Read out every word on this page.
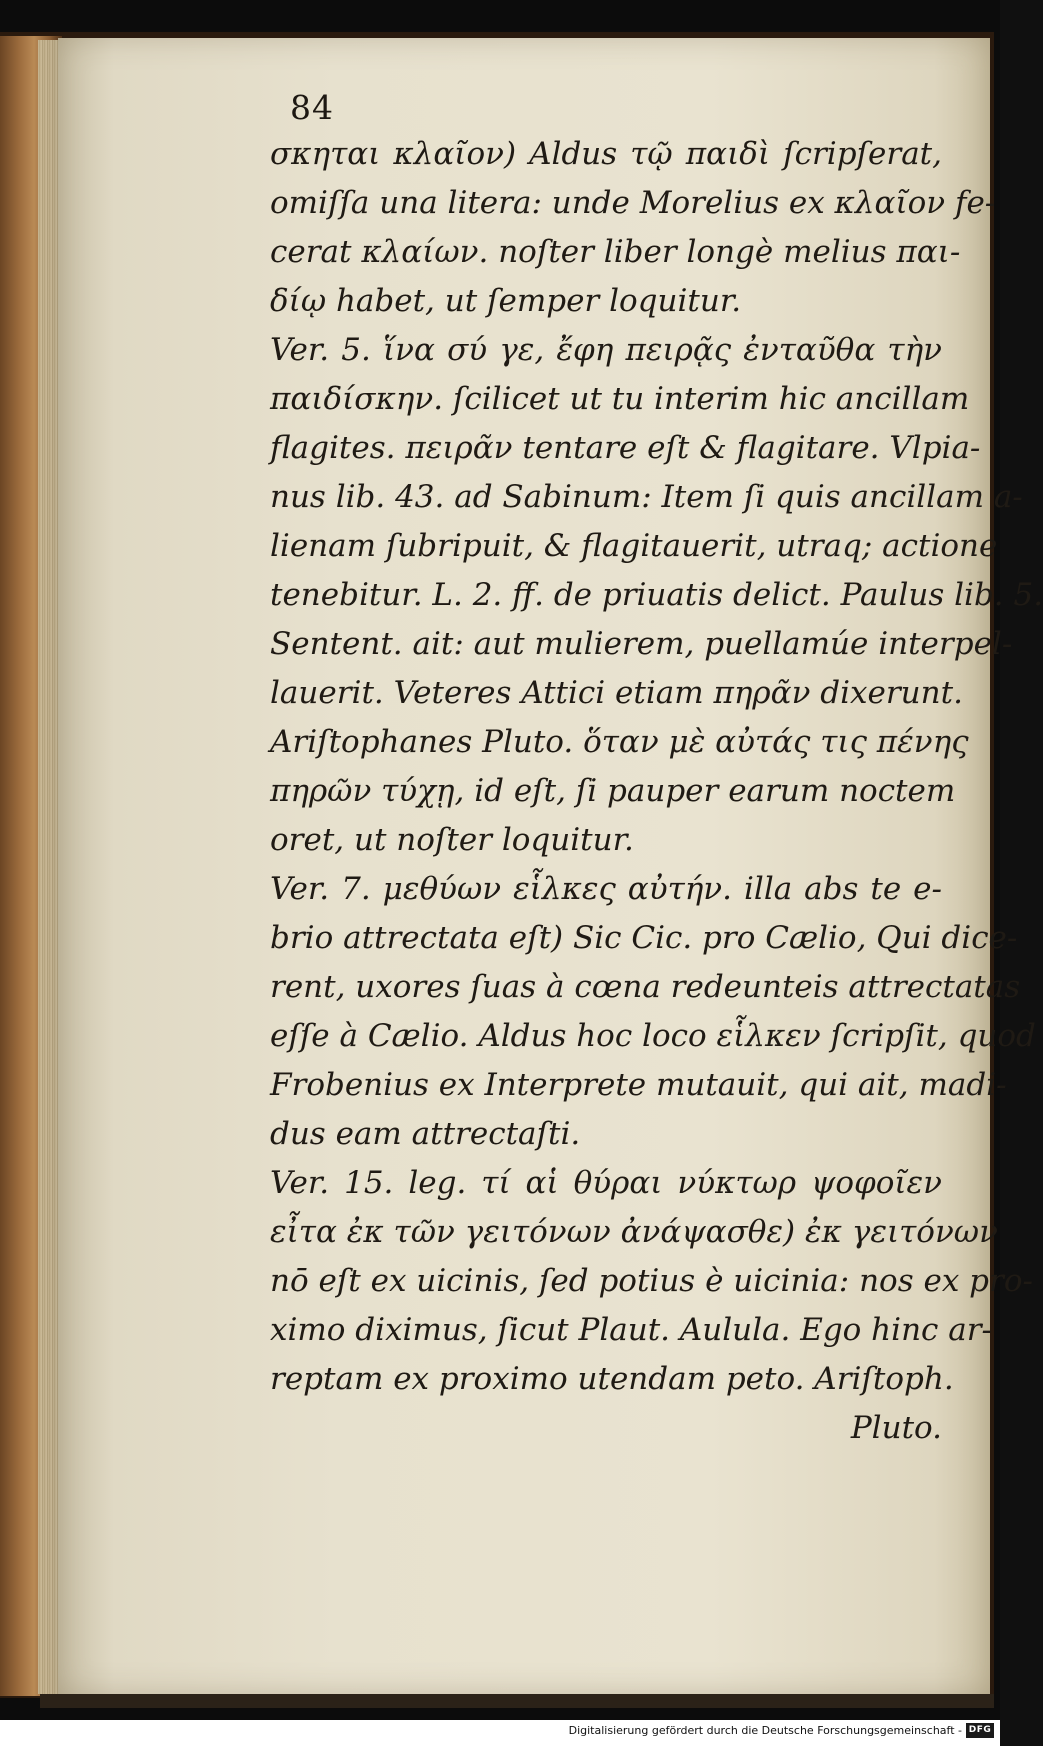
84
σκηται κλαῖον) Aldus τῷ παιδὶ ſcripſerat,
omiſſa una litera: unde Morelius ex κλαῖον fe-
cerat κλαίων. noſter liber longè melius παι-
δίῳ habet, ut ſemper loquitur.
Ver. 5. ἵνα σύ γε, ἔφη πειρᾷς ἐνταῦθα τὴν
παιδίσκην. ſcilicet ut tu interim hic ancillam
flagites. πειρᾶν tentare eſt & flagitare. Vlpia-
nus lib. 43. ad Sabinum: Item ſi quis ancillam a-
lienam ſubripuit, & flagitauerit, utraq; actione
tenebitur. L. 2. ff. de priuatis delict. Paulus lib. 5.
Sentent. ait: aut mulierem, puellamúe interpel-
lauerit. Veteres Attici etiam πηρᾶν dixerunt.
Ariſtophanes Pluto. ὅταν μὲ αὐτάς τις πένης
πηρῶν τύχῃ, id eſt, ſi pauper earum noctem
oret, ut noſter loquitur.
Ver. 7. μεθύων εἷλκες αὐτήν. illa abs te e-
brio attrectata eſt) Sic Cic. pro Cælio, Qui dice-
rent, uxores ſuas à cœna redeunteis attrectatas
eſſe à Cælio. Aldus hoc loco εἷλκεν ſcripſit, quod
Frobenius ex Interprete mutauit, qui ait, madi-
dus eam attrectaſti.
Ver. 15. leg. τί αἱ θύραι νύκτωρ ψοφοῖεν
εἶτα ἐκ τῶν γειτόνων ἀνάψασθε) ἐκ γειτόνων
nō eſt ex uicinis, ſed potius è uicinia: nos ex pro-
ximo diximus, ſicut Plaut. Aulula. Ego hinc ar-
reptam ex proximo utendam peto. Ariſtoph.
Pluto.
Digitalisierung gefördert durch die Deutsche Forschungsgemeinschaft - DFG
